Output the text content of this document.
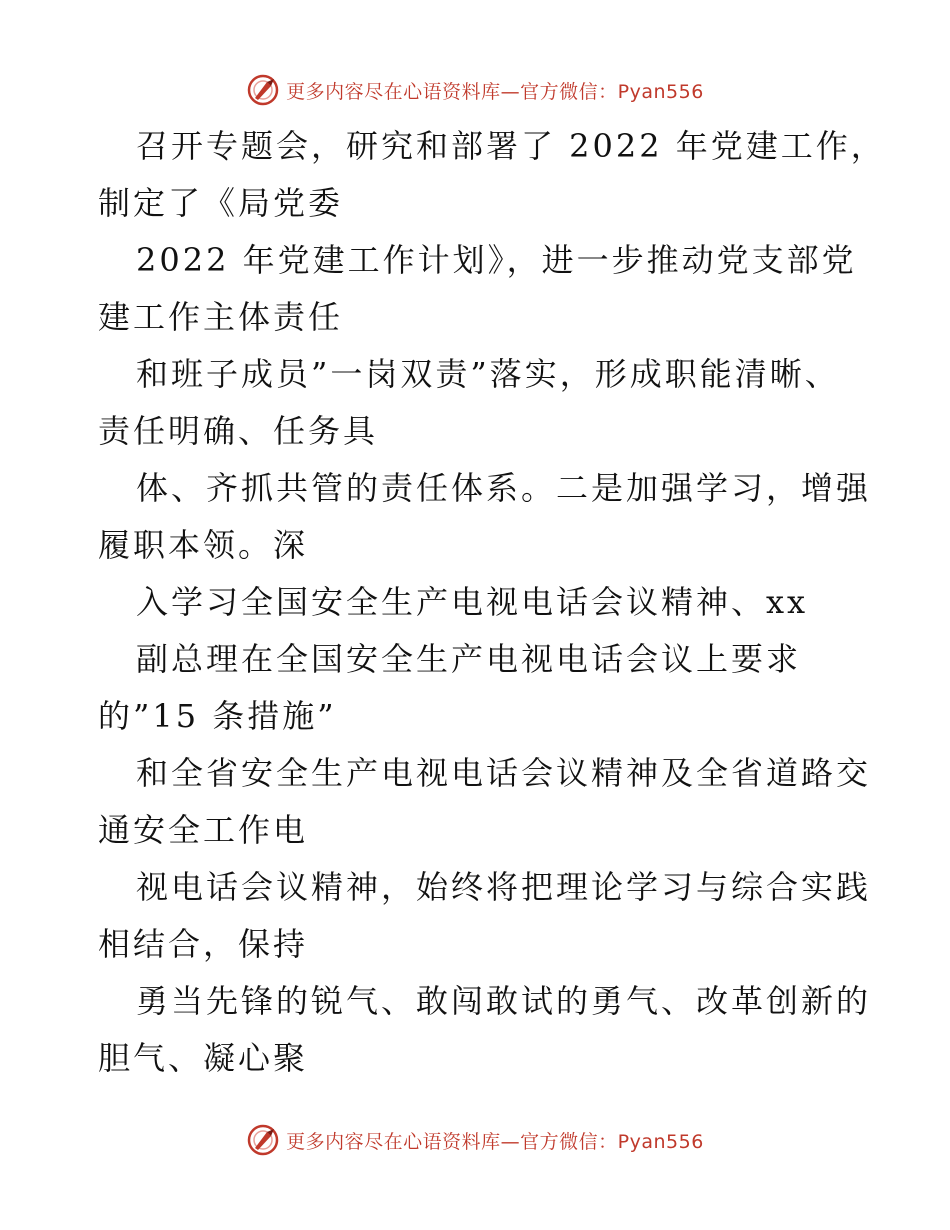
更多内容尽在心语资料库—官方微信：Pyan556

召开专题会，研究和部署了 2022 年党建工作，
制定了《局党委

2022 年党建工作计划》，进一步推动党支部党
建工作主体责任

和班子成员”一岗双责”落实，形成职能清晰、
责任明确、任务具

体、齐抓共管的责任体系。二是加强学习，增强
履职本领。深

入学习全国安全生产电视电话会议精神、xx

副总理在全国安全生产电视电话会议上要求
的”15 条措施”

和全省安全生产电视电话会议精神及全省道路交
通安全工作电

视电话会议精神，始终将把理论学习与综合实践
相结合，保持

勇当先锋的锐气、敢闯敢试的勇气、改革创新的
胆气、凝心聚

更多内容尽在心语资料库—官方微信：Pyan556
